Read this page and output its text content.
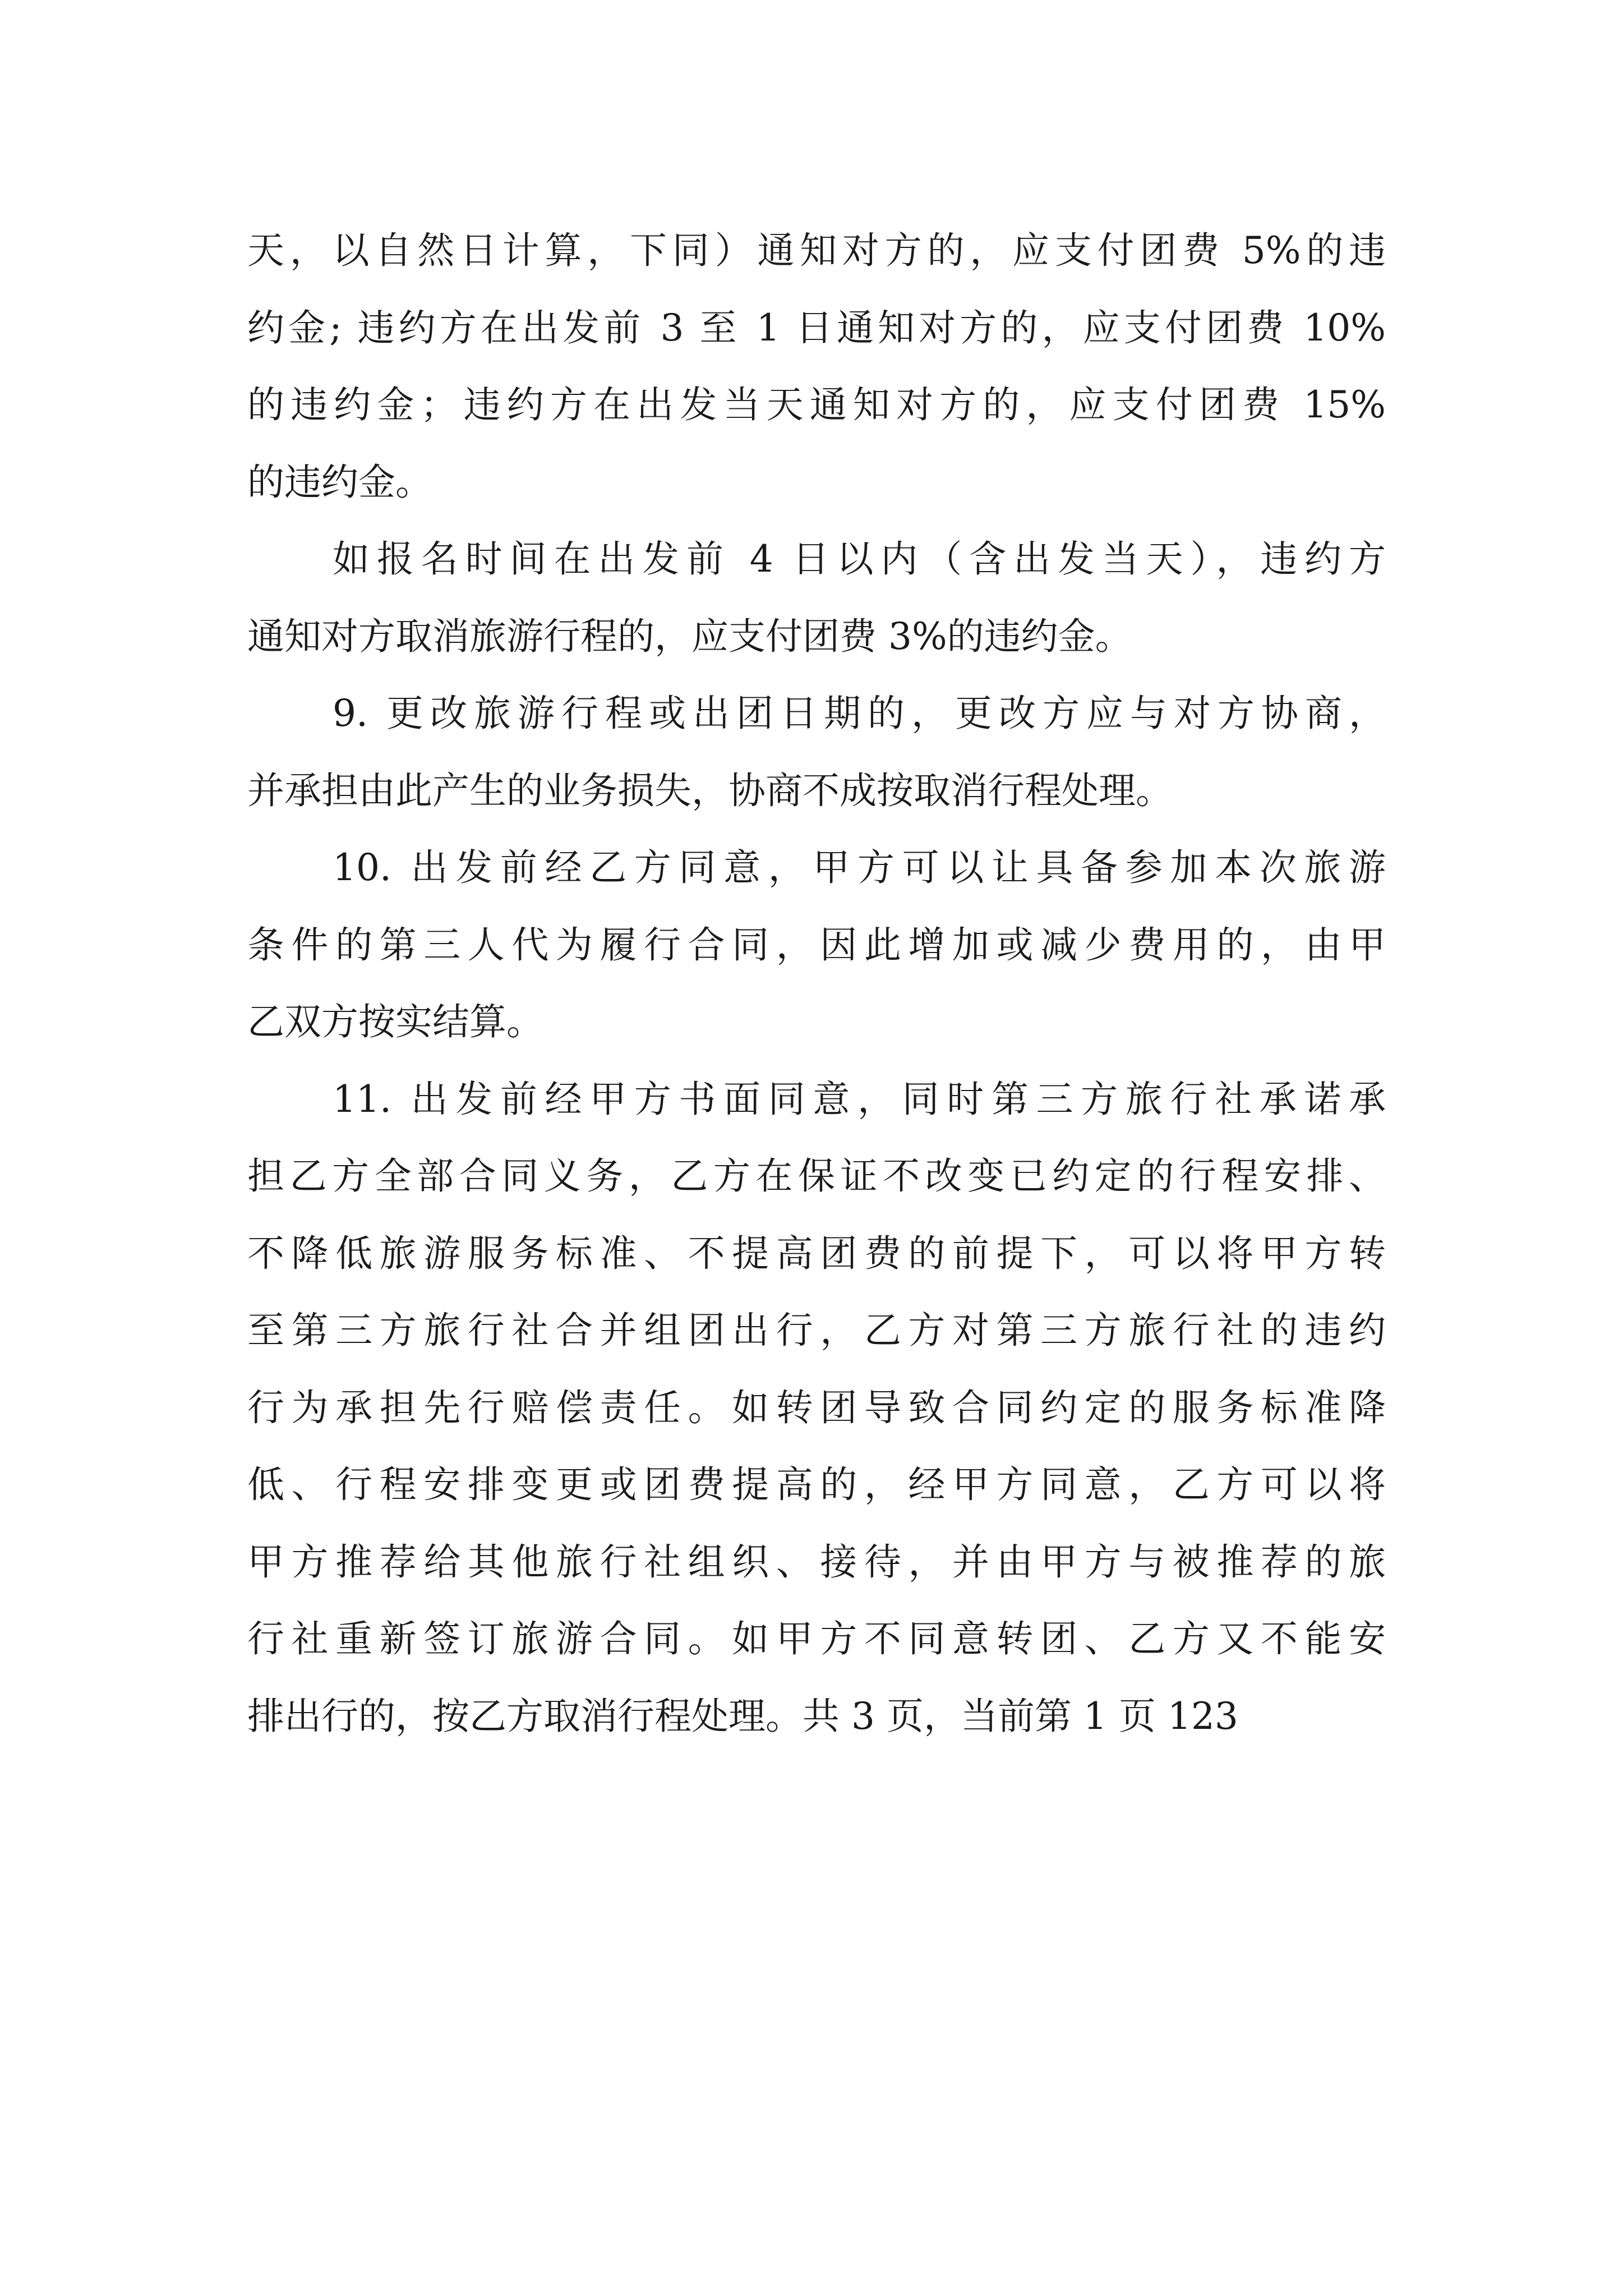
天，以自然日计算，下同）通知对方的，应支付团费 5%的违
约金; 违约方在出发前 3 至 1 日通知对方的，应支付团费 10%
的违约金；违约方在出发当天通知对方的，应支付团费 15%
的违约金。
如报名时间在出发前 4 日以内（含出发当天），违约方
通知对方取消旅游行程的，应支付团费 3%的违约金。
9. 更改旅游行程或出团日期的，更改方应与对方协商，
并承担由此产生的业务损失，协商不成按取消行程处理。
10. 出发前经乙方同意，甲方可以让具备参加本次旅游
条件的第三人代为履行合同，因此增加或减少费用的，由甲
乙双方按实结算。
11. 出发前经甲方书面同意，同时第三方旅行社承诺承
担乙方全部合同义务，乙方在保证不改变已约定的行程安排、
不降低旅游服务标准、不提高团费的前提下，可以将甲方转
至第三方旅行社合并组团出行，乙方对第三方旅行社的违约
行为承担先行赔偿责任。如转团导致合同约定的服务标准降
低、行程安排变更或团费提高的，经甲方同意，乙方可以将
甲方推荐给其他旅行社组织、接待，并由甲方与被推荐的旅
行社重新签订旅游合同。如甲方不同意转团、乙方又不能安
排出行的，按乙方取消行程处理。共 3 页，当前第 1 页 123
